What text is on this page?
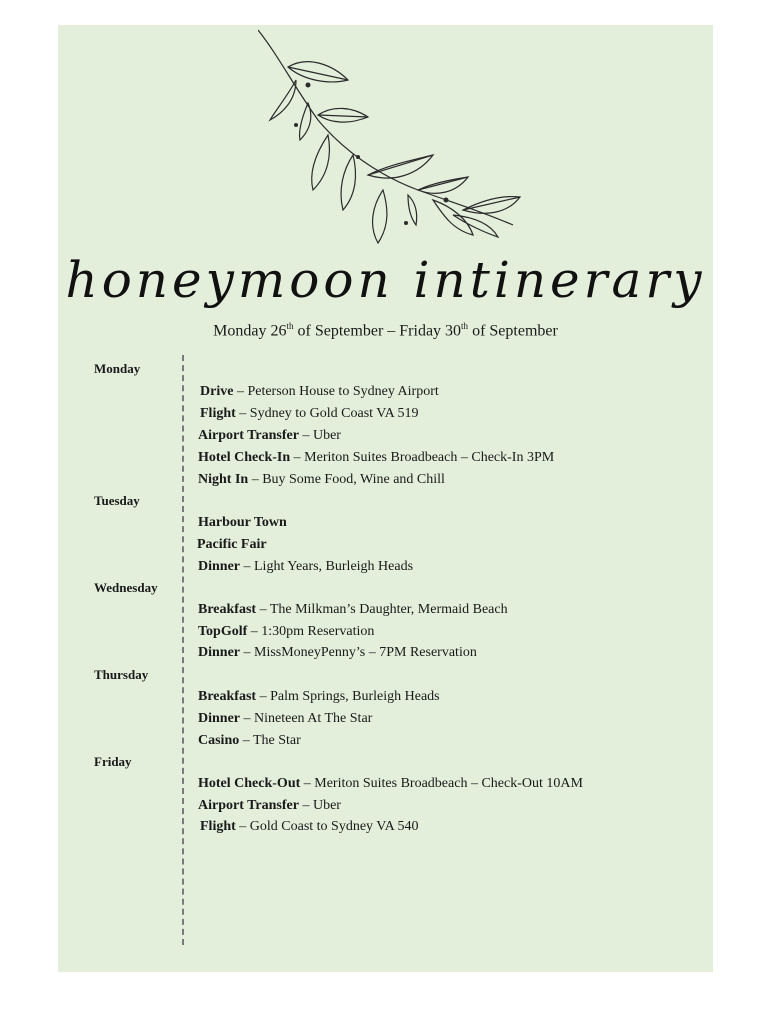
honeymoon intinerary
Monday 26th of September – Friday 30th of September
Monday
Drive – Peterson House to Sydney Airport
Flight – Sydney to Gold Coast VA 519
Airport Transfer – Uber
Hotel Check-In – Meriton Suites Broadbeach – Check-In 3PM
Night In – Buy Some Food, Wine and Chill
Tuesday
Harbour Town
Pacific Fair
Dinner – Light Years, Burleigh Heads
Wednesday
Breakfast – The Milkman’s Daughter, Mermaid Beach
TopGolf – 1:30pm Reservation
Dinner – MissMoneyPenny’s – 7PM Reservation
Thursday
Breakfast – Palm Springs, Burleigh Heads
Dinner – Nineteen At The Star
Casino – The Star
Friday
Hotel Check-Out – Meriton Suites Broadbeach – Check-Out 10AM
Airport Transfer – Uber
Flight – Gold Coast to Sydney VA 540
